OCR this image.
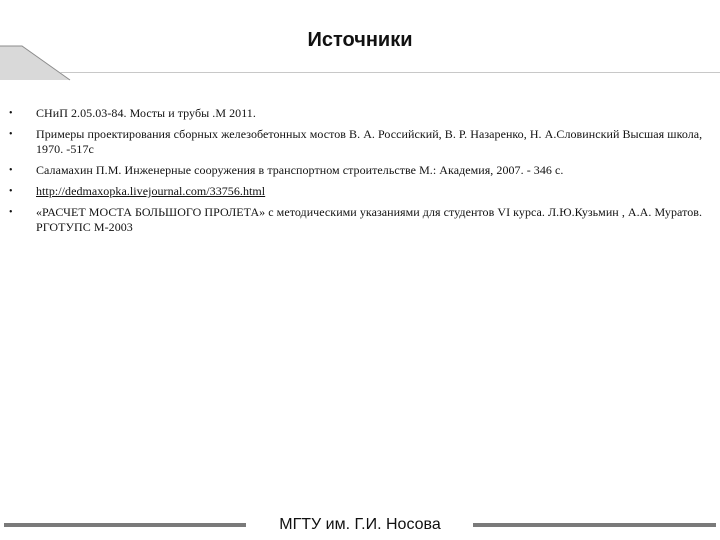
Источники
•
СНиП 2.05.03-84. Мосты и трубы .М 2011.
•
Примеры проектирования сборных железобетонных мостов В. А. Российский, В. Р. Назаренко, Н. А.Словинский Высшая школа, 1970. -517с
•
Саламахин П.М. Инженерные сооружения в транспортном строительстве М.: Академия, 2007. - 346 с.
•
http://dedmaxopka.livejournal.com/33756.html
•
«РАСЧЕТ МОСТА БОЛЬШОГО ПРОЛЕТА» с методическими указаниями для студентов VI курса. Л.Ю.Кузьмин , А.А. Муратов. РГОТУПС М-2003
МГТУ им. Г.И. Носова
